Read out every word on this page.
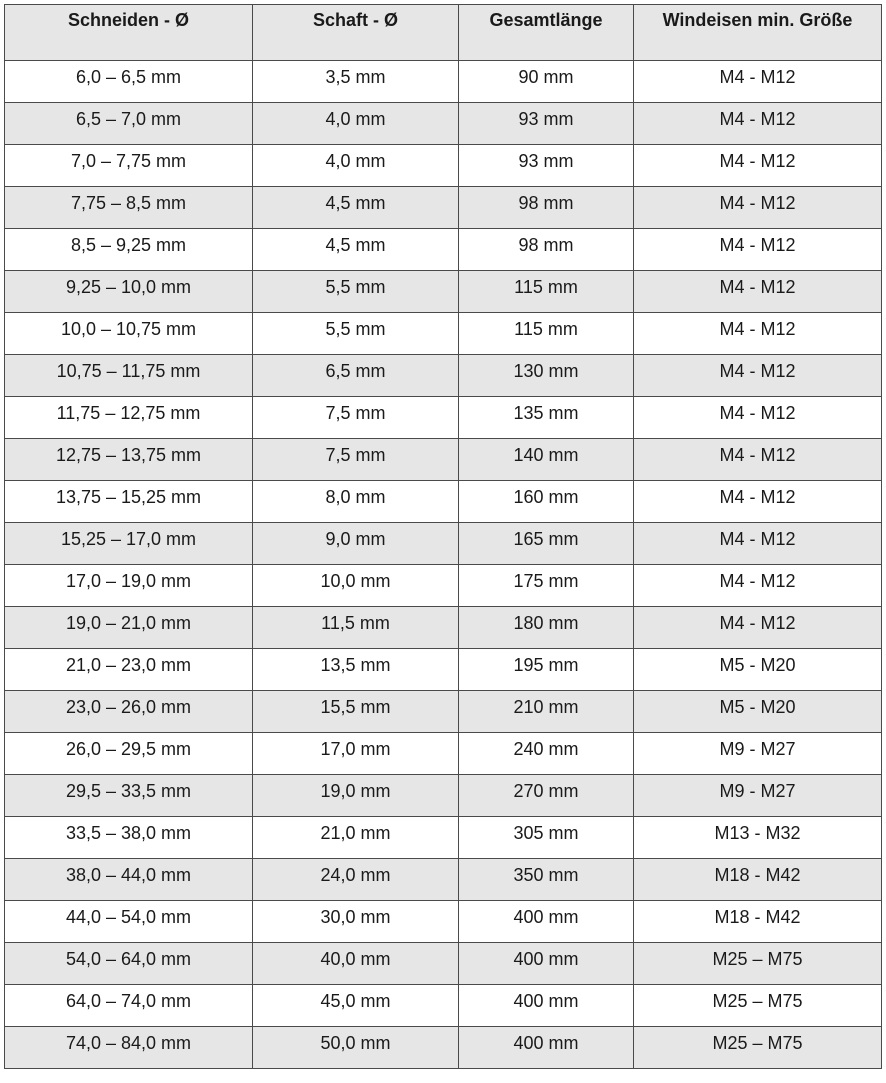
Schneiden - Ø	Schaft - Ø	Gesamtlänge	Windeisen min. Größe
6,0 – 6,5 mm	3,5 mm	90 mm	M4 - M12
6,5 – 7,0 mm	4,0 mm	93 mm	M4 - M12
7,0 – 7,75 mm	4,0 mm	93 mm	M4 - M12
7,75 – 8,5 mm	4,5 mm	98 mm	M4 - M12
8,5 – 9,25 mm	4,5 mm	98 mm	M4 - M12
9,25 – 10,0 mm	5,5 mm	115 mm	M4 - M12
10,0 – 10,75 mm	5,5 mm	115 mm	M4 - M12
10,75 – 11,75 mm	6,5 mm	130 mm	M4 - M12
11,75 – 12,75 mm	7,5 mm	135 mm	M4 - M12
12,75 – 13,75 mm	7,5 mm	140 mm	M4 - M12
13,75 – 15,25 mm	8,0 mm	160 mm	M4 - M12
15,25 – 17,0 mm	9,0 mm	165 mm	M4 - M12
17,0 – 19,0 mm	10,0 mm	175 mm	M4 - M12
19,0 – 21,0 mm	11,5 mm	180 mm	M4 - M12
21,0 – 23,0 mm	13,5 mm	195 mm	M5 - M20
23,0 – 26,0 mm	15,5 mm	210 mm	M5 - M20
26,0 – 29,5 mm	17,0 mm	240 mm	M9 - M27
29,5 – 33,5 mm	19,0 mm	270 mm	M9 - M27
33,5 – 38,0 mm	21,0 mm	305 mm	M13 - M32
38,0 – 44,0 mm	24,0 mm	350 mm	M18 - M42
44,0 – 54,0 mm	30,0 mm	400 mm	M18 - M42
54,0 – 64,0 mm	40,0 mm	400 mm	M25 – M75
64,0 – 74,0 mm	45,0 mm	400 mm	M25 – M75
74,0 – 84,0 mm	50,0 mm	400 mm	M25 – M75
